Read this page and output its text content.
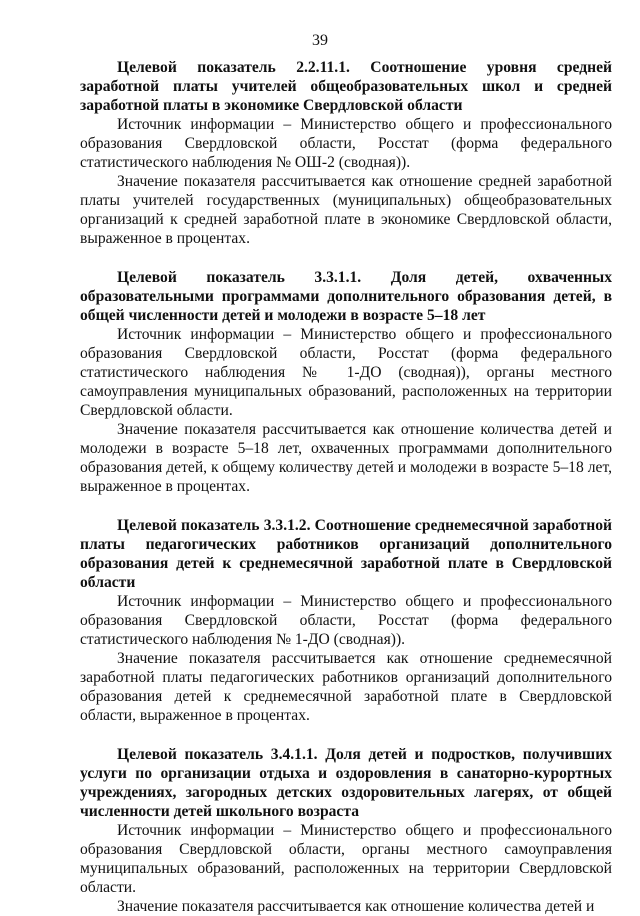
39

Целевой показатель 2.2.11.1. Соотношение уровня средней заработной платы учителей общеобразовательных школ и средней заработной платы в экономике Свердловской области

Источник информации – Министерство общего и профессионального образования Свердловской области, Росстат (форма федерального статистического наблюдения № ОШ-2 (сводная)).

Значение показателя рассчитывается как отношение средней заработной платы учителей государственных (муниципальных) общеобразовательных организаций к средней заработной плате в экономике Свердловской области, выраженное в процентах.

Целевой показатель 3.3.1.1. Доля детей, охваченных образовательными программами дополнительного образования детей, в общей численности детей и молодежи в возрасте 5–18 лет

Источник информации – Министерство общего и профессионального образования Свердловской области, Росстат (форма федерального статистического наблюдения № 1-ДО (сводная)), органы местного самоуправления муниципальных образований, расположенных на территории Свердловской области.

Значение показателя рассчитывается как отношение количества детей и молодежи в возрасте 5–18 лет, охваченных программами дополнительного образования детей, к общему количеству детей и молодежи в возрасте 5–18 лет, выраженное в процентах.

Целевой показатель 3.3.1.2. Соотношение среднемесячной заработной платы педагогических работников организаций дополнительного образования детей к среднемесячной заработной плате в Свердловской области

Источник информации – Министерство общего и профессионального образования Свердловской области, Росстат (форма федерального статистического наблюдения № 1-ДО (сводная)).

Значение показателя рассчитывается как отношение среднемесячной заработной платы педагогических работников организаций дополнительного образования детей к среднемесячной заработной плате в Свердловской области, выраженное в процентах.

Целевой показатель 3.4.1.1. Доля детей и подростков, получивших услуги по организации отдыха и оздоровления в санаторно-курортных учреждениях, загородных детских оздоровительных лагерях, от общей численности детей школьного возраста

Источник информации – Министерство общего и профессионального образования Свердловской области, органы местного самоуправления муниципальных образований, расположенных на территории Свердловской области.

Значение показателя рассчитывается как отношение количества детей и
